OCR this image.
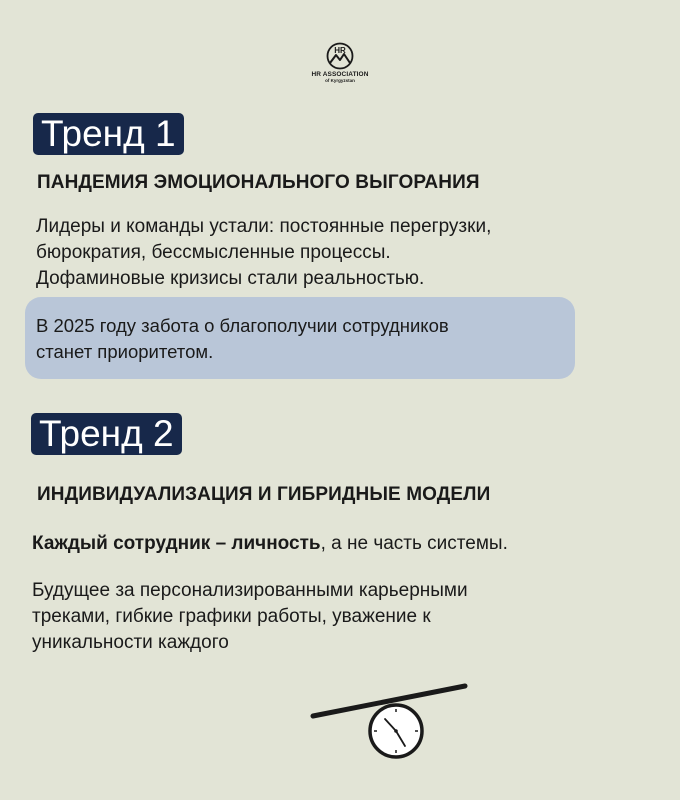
HR
HR ASSOCIATION
of Kyrgyzstan
Тренд 1
ПАНДЕМИЯ ЭМОЦИОНАЛЬНОГО ВЫГОРАНИЯ
Лидеры и команды устали: постоянные перегрузки,
бюрократия, бессмысленные процессы.
Дофаминовые кризисы стали реальностью.
В 2025 году забота о благополучии сотрудников
станет приоритетом.
Тренд 2
ИНДИВИДУАЛИЗАЦИЯ И ГИБРИДНЫЕ МОДЕЛИ
Каждый сотрудник – личность, а не часть системы.
Будущее за персонализированными карьерными
треками, гибкие графики работы, уважение к
уникальности каждого
